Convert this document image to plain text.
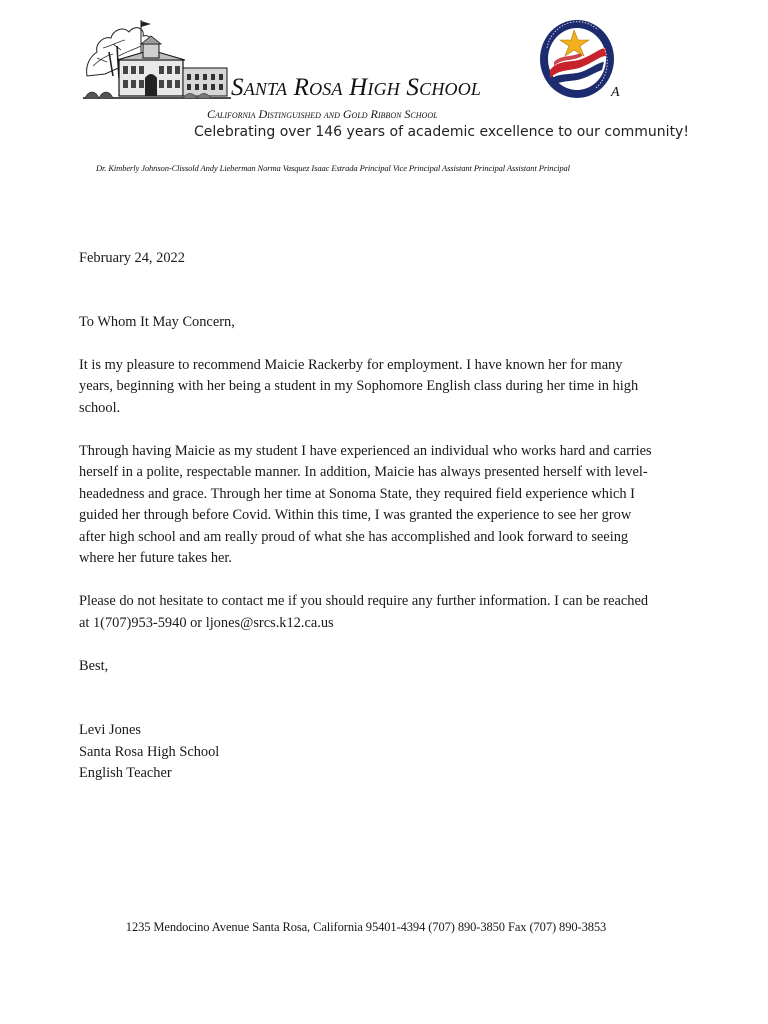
Santa Rosa High School	A
California Distinguished and Gold Ribbon School
Celebrating over 146 years of academic excellence to our community!
Dr. Kimberly Johnson-Clissold Andy Lieberman Norma Vasquez Isaac Estrada Principal Vice Principal Assistant Principal Assistant Principal

February 24, 2022

To Whom It May Concern,

It is my pleasure to recommend Maicie Rackerby for employment. I have known her for many years, beginning with her being a student in my Sophomore English class during her time in high school.

Through having Maicie as my student I have experienced an individual who works hard and carries herself in a polite, respectable manner. In addition, Maicie has always presented herself with level-headedness and grace. Through her time at Sonoma State, they required field experience which I guided her through before Covid. Within this time, I was granted the experience to see her grow after high school and am really proud of what she has accomplished and look forward to seeing where her future takes her.

Please do not hesitate to contact me if you should require any further information. I can be reached at 1(707)953-5940 or ljones@srcs.k12.ca.us

Best,

Levi Jones

Santa Rosa High School

English Teacher

1235 Mendocino Avenue Santa Rosa, California 95401-4394 (707) 890-3850 Fax (707) 890-3853
